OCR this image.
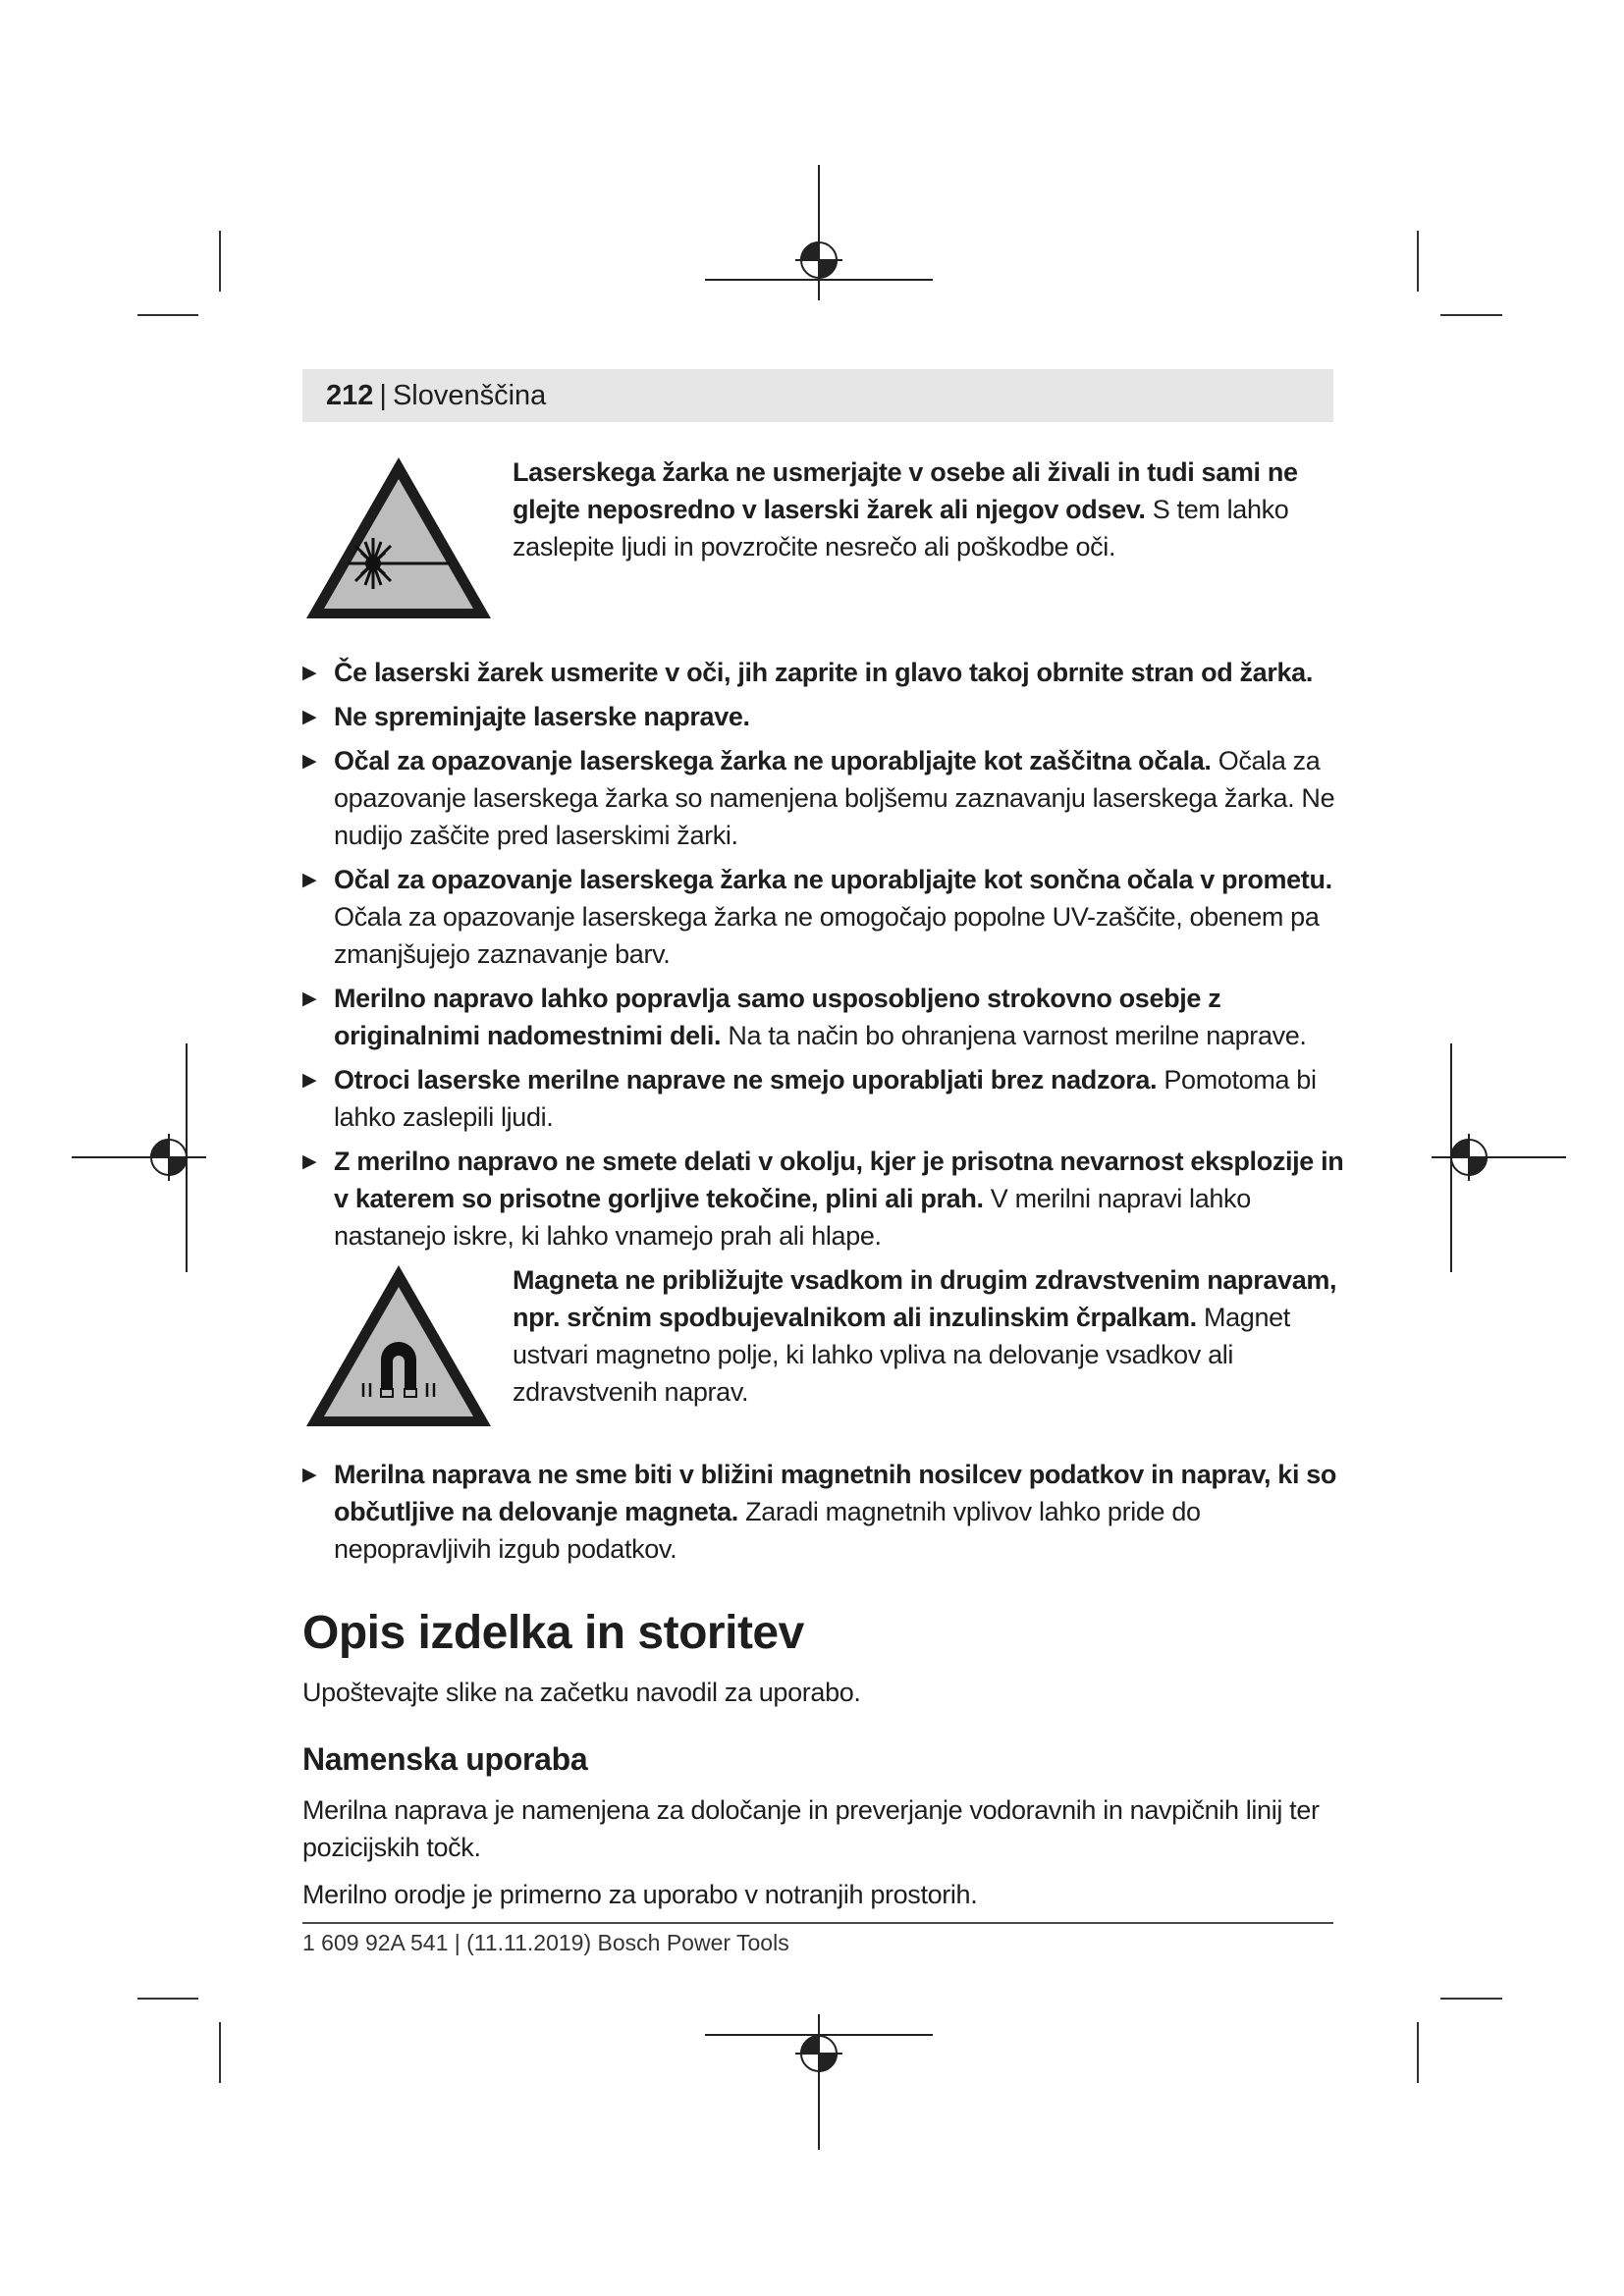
212 | Slovenščina

Laserskega žarka ne usmerjajte v osebe ali živali in tudi sami ne glejte neposredno v laserski žarek ali njegov odsev. S tem lahko zaslepite ljudi in povzročite nesrečo ali poškodbe oči.

▶ Če laserski žarek usmerite v oči, jih zaprite in glavo takoj obrnite stran od žarka.

▶ Ne spreminjajte laserske naprave.

▶ Očal za opazovanje laserskega žarka ne uporabljajte kot zaščitna očala. Očala za opazovanje laserskega žarka so namenjena boljšemu zaznavanju laserskega žarka. Ne nudijo zaščite pred laserskimi žarki.

▶ Očal za opazovanje laserskega žarka ne uporabljajte kot sončna očala v prometu. Očala za opazovanje laserskega žarka ne omogočajo popolne UV-zaščite, obenem pa zmanjšujejo zaznavanje barv.

▶ Merilno napravo lahko popravlja samo usposobljeno strokovno osebje z originalnimi nadomestnimi deli. Na ta način bo ohranjena varnost merilne naprave.

▶ Otroci laserske merilne naprave ne smejo uporabljati brez nadzora. Pomotoma bi lahko zaslepili ljudi.

▶ Z merilno napravo ne smete delati v okolju, kjer je prisotna nevarnost eksplozije in v katerem so prisotne gorljive tekočine, plini ali prah. V merilni napravi lahko nastanejo iskre, ki lahko vnamejo prah ali hlape.

Magneta ne približujte vsadkom in drugim zdravstvenim napravam, npr. srčnim spodbujevalnikom ali inzulinskim črpalkam. Magnet ustvari magnetno polje, ki lahko vpliva na delovanje vsadkov ali zdravstvenih naprav.

▶ Merilna naprava ne sme biti v bližini magnetnih nosilcev podatkov in naprav, ki so občutljive na delovanje magneta. Zaradi magnetnih vplivov lahko pride do nepopravljivih izgub podatkov.

Opis izdelka in storitev

Upoštevajte slike na začetku navodil za uporabo.

Namenska uporaba

Merilna naprava je namenjena za določanje in preverjanje vodoravnih in navpičnih linij ter pozicijskih točk.

Merilno orodje je primerno za uporabo v notranjih prostorih.

1 609 92A 541 | (11.11.2019) Bosch Power Tools
